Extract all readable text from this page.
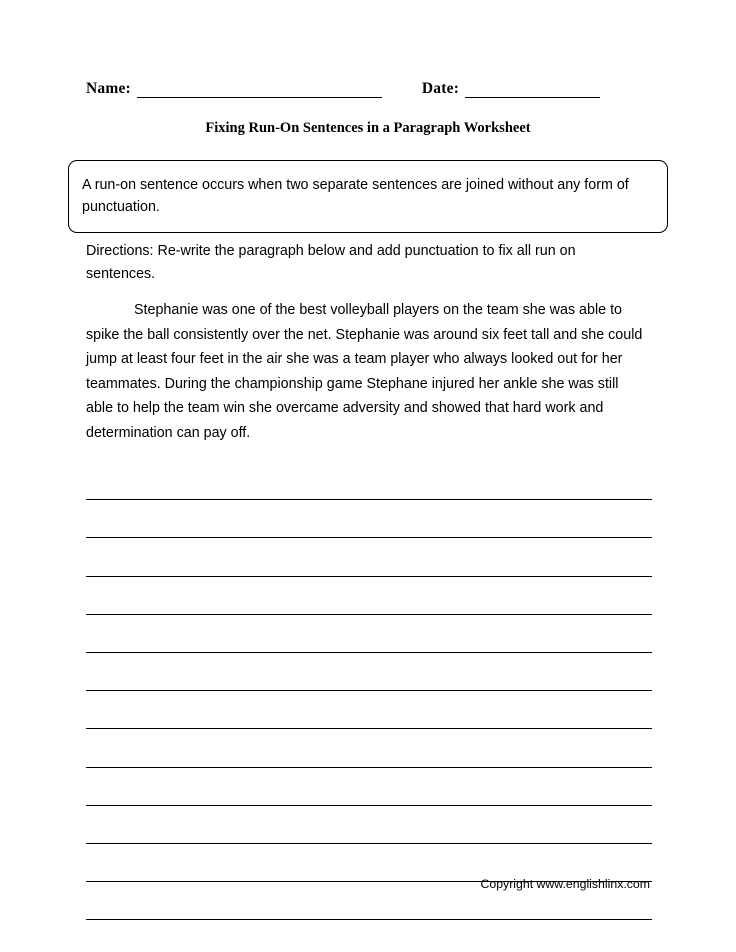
Name:	Date:
Fixing Run-On Sentences in a Paragraph Worksheet
A run-on sentence occurs when two separate sentences are joined without any form of punctuation.
Directions: Re-write the paragraph below and add punctuation to fix all run on sentences.
Stephanie was one of the best volleyball players on the team she was able to spike the ball consistently over the net. Stephanie was around six feet tall and she could jump at least four feet in the air she was a team player who always looked out for her teammates. During the championship game Stephane injured her ankle she was still able to help the team win she overcame adversity and showed that hard work and determination can pay off.
Copyright www.englishlinx.com
